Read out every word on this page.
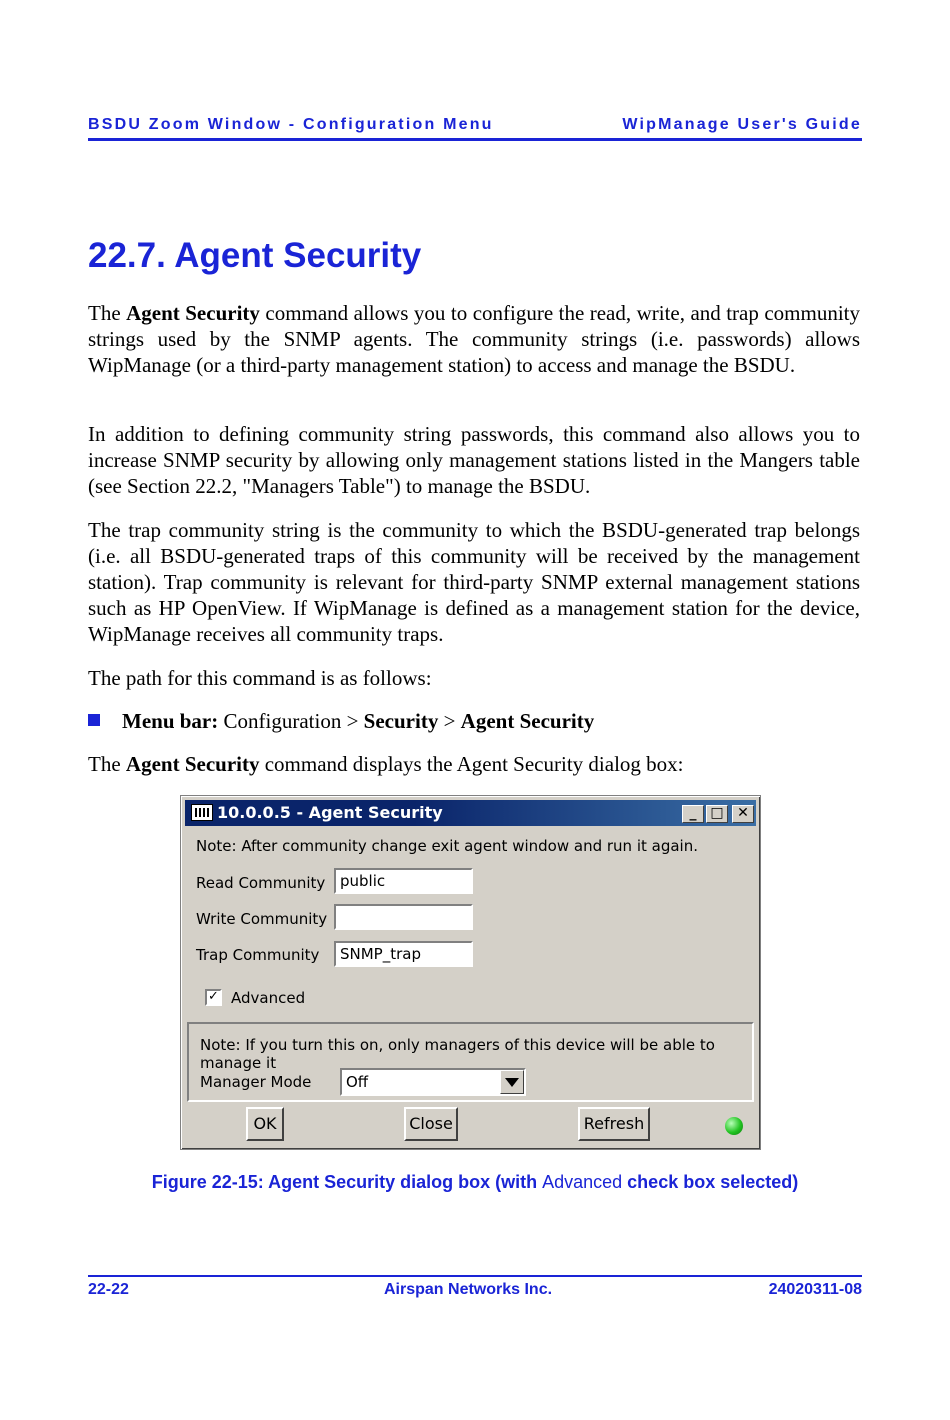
BSDU Zoom Window - Configuration Menu	WipManage User's Guide
22.7. Agent Security

The Agent Security command allows you to configure the read, write, and trap community strings used by the SNMP agents. The community strings (i.e. passwords) allows WipManage (or a third-party management station) to access and manage the BSDU.

In addition to defining community string passwords, this command also allows you to increase SNMP security by allowing only management stations listed in the Mangers table (see Section 22.2, "Managers Table") to manage the BSDU.

The trap community string is the community to which the BSDU-generated trap belongs (i.e. all BSDU-generated traps of this community will be received by the management station). Trap community is relevant for third-party SNMP external management stations such as HP OpenView. If WipManage is defined as a management station for the device, WipManage receives all community traps.

The path for this command is as follows:

Menu bar: Configuration > Security > Agent Security

The Agent Security command displays the Agent Security dialog box:

10.0.0.5 - Agent Security	_ □ ✕
Note: After community change exit agent window and run it again.
Read Community public
Write Community
Trap Community	SNMP_trap
✓ Advanced
Note: If you turn this on, only managers of this device will be able to manage it
Manager Mode	Off
OK	Close	Refresh
Figure 22-15: Agent Security dialog box (with Advanced check box selected)
22-22	Airspan Networks Inc.	24020311-08
